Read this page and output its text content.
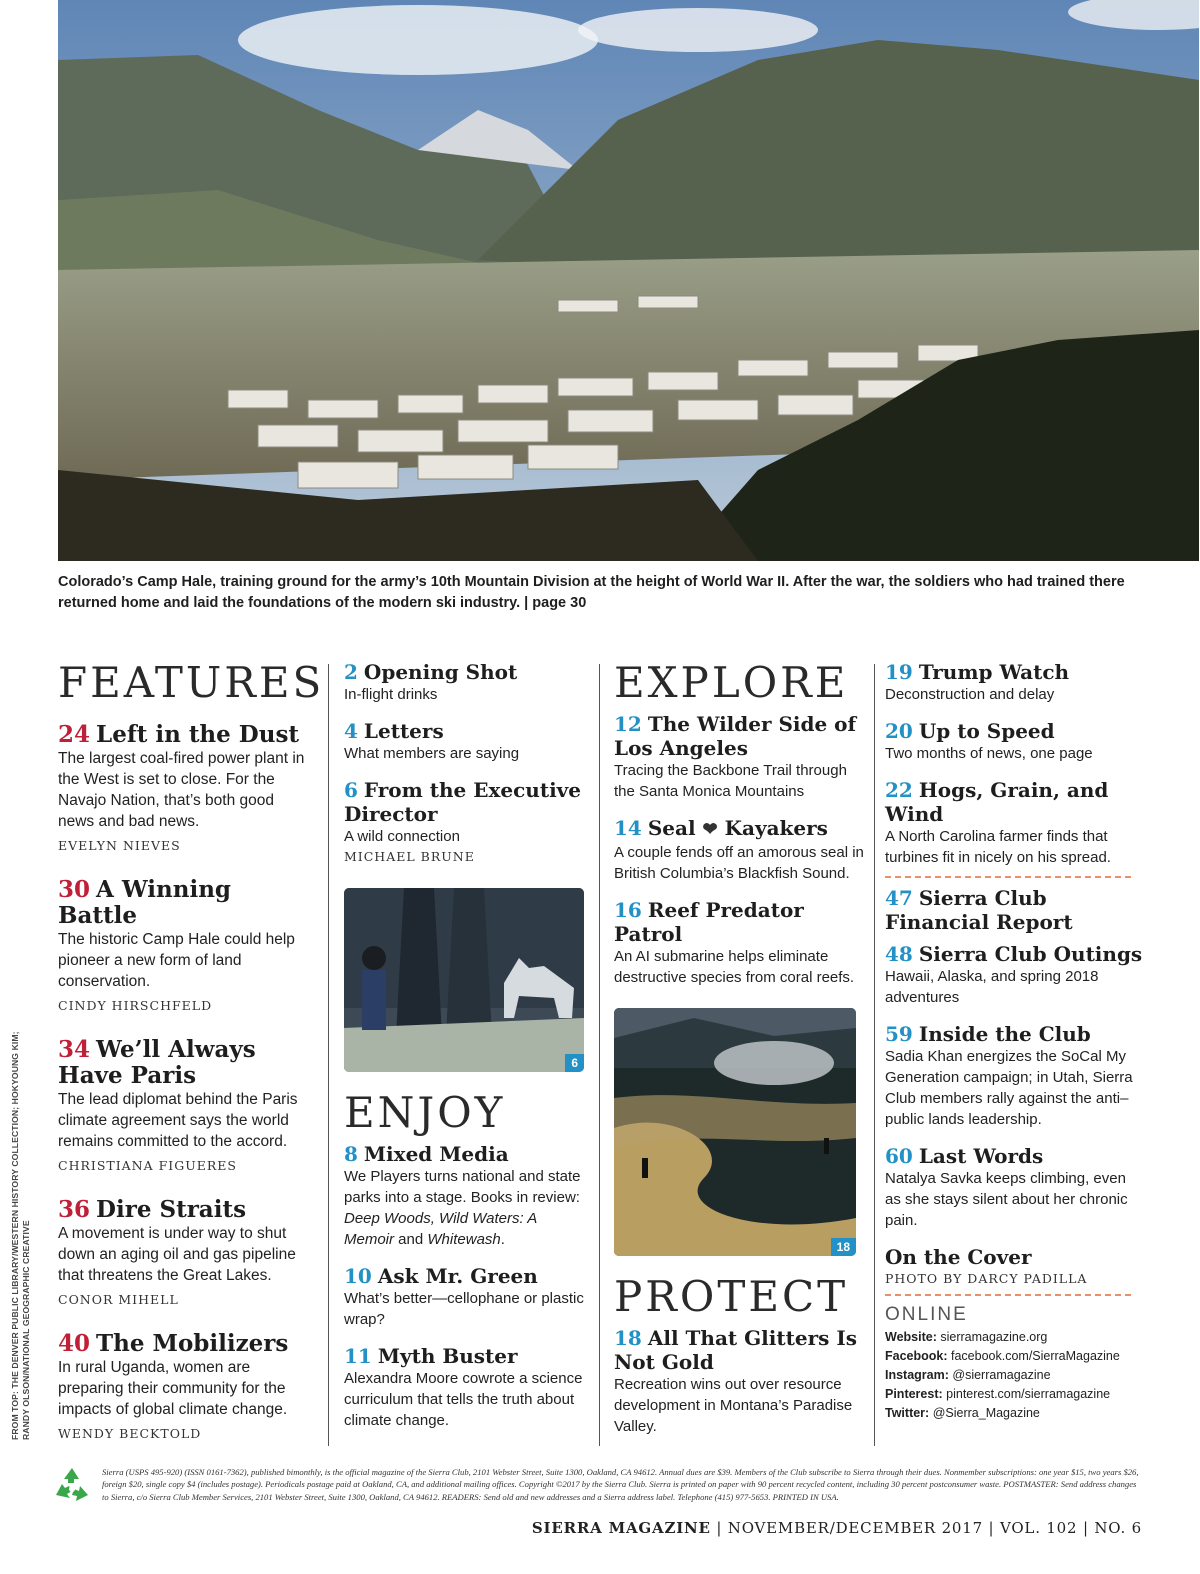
Colorado’s Camp Hale, training ground for the army’s 10th Mountain Division at the height of World War II. After the war, the soldiers who had trained there returned home and laid the foundations of the modern ski industry. | page 30
FROM TOP: THE DENVER PUBLIC LIBRARY/WESTERN HISTORY COLLECTION; HOKYOUNG KIM; RANDY OLSON/NATIONAL GEOGRAPHIC CREATIVE
FEATURES
24 Left in the Dust
The largest coal-fired power plant in the West is set to close. For the Navajo Nation, that’s both good news and bad news.
EVELYN NIEVES
30 A Winning Battle
The historic Camp Hale could help pioneer a new form of land conservation.
CINDY HIRSCHFELD
34 We’ll Always Have Paris
The lead diplomat behind the Paris climate agreement says the world remains committed to the accord.
CHRISTIANA FIGUERES
36 Dire Straits
A movement is under way to shut down an aging oil and gas pipeline that threatens the Great Lakes.
CONOR MIHELL
40 The Mobilizers
In rural Uganda, women are preparing their community for the impacts of global climate change.
WENDY BECKTOLD
2 Opening Shot
In-flight drinks
4 Letters
What members are saying
6 From the Executive Director
A wild connection
MICHAEL BRUNE
6
ENJOY
8 Mixed Media
We Players turns national and state parks into a stage. Books in review: Deep Woods, Wild Waters: A Memoir and Whitewash.
10 Ask Mr. Green
What’s better—cellophane or plastic wrap?
11 Myth Buster
Alexandra Moore cowrote a science curriculum that tells the truth about climate change.
EXPLORE
12 The Wilder Side of Los Angeles
Tracing the Backbone Trail through the Santa Monica Mountains
14 Seal ❤ Kayakers
A couple fends off an amorous seal in British Columbia’s Blackfish Sound.
16 Reef Predator Patrol
An AI submarine helps eliminate destructive species from coral reefs.
18
PROTECT
18 All That Glitters Is Not Gold
Recreation wins out over resource development in Montana’s Paradise Valley.
19 Trump Watch
Deconstruction and delay
20 Up to Speed
Two months of news, one page
22 Hogs, Grain, and Wind
A North Carolina farmer finds that turbines fit in nicely on his spread.
47 Sierra Club Financial Report
48 Sierra Club Outings
Hawaii, Alaska, and spring 2018 adventures
59 Inside the Club
Sadia Khan energizes the SoCal My Generation campaign; in Utah, Sierra Club members rally against the anti–public lands leadership.
60 Last Words
Natalya Savka keeps climbing, even as she stays silent about her chronic pain.
On the Cover
PHOTO BY DARCY PADILLA
ONLINE
Website: sierramagazine.org
Facebook: facebook.com/SierraMagazine
Instagram: @sierramagazine
Pinterest: pinterest.com/sierramagazine
Twitter: @Sierra_Magazine
Sierra (USPS 495-920) (ISSN 0161-7362), published bimonthly, is the official magazine of the Sierra Club, 2101 Webster Street, Suite 1300, Oakland, CA 94612. Annual dues are $39. Members of the Club subscribe to Sierra through their dues. Nonmember subscriptions: one year $15, two years $26, foreign $20, single copy $4 (includes postage). Periodicals postage paid at Oakland, CA, and additional mailing offices. Copyright ©2017 by the Sierra Club. Sierra is printed on paper with 90 percent recycled content, including 30 percent postconsumer waste. POSTMASTER: Send address changes to Sierra, c/o Sierra Club Member Services, 2101 Webster Street, Suite 1300, Oakland, CA 94612. READERS: Send old and new addresses and a Sierra address label. Telephone (415) 977-5653. PRINTED IN USA.
SIERRA MAGAZINE | NOVEMBER/DECEMBER 2017 | VOL. 102 | NO. 6
